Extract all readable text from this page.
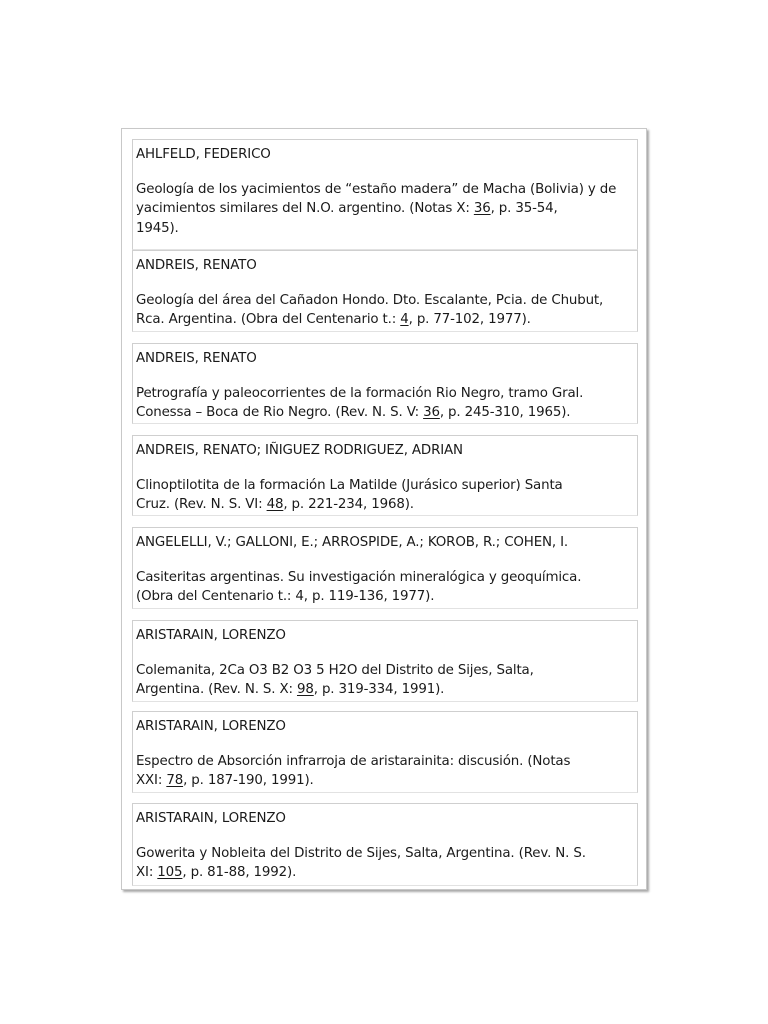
AHLFELD, FEDERICO
Geología de los yacimientos de “estaño madera” de Macha (Bolivia) y de
yacimientos similares del N.O. argentino. (Notas X: 36, p. 35-54,
1945).
ANDREIS, RENATO
Geología del área del Cañadon Hondo. Dto. Escalante, Pcia. de Chubut,
Rca. Argentina. (Obra del Centenario t.: 4, p. 77-102, 1977).
ANDREIS, RENATO
Petrografía y paleocorrientes de la formación Rio Negro, tramo Gral.
Conessa – Boca de Rio Negro. (Rev. N. S. V: 36, p. 245-310, 1965).
ANDREIS, RENATO; IÑIGUEZ RODRIGUEZ, ADRIAN
Clinoptilotita de la formación La Matilde (Jurásico superior) Santa
Cruz. (Rev. N. S. VI: 48, p. 221-234, 1968).
ANGELELLI, V.; GALLONI, E.; ARROSPIDE, A.; KOROB, R.; COHEN, I.
Casiteritas argentinas. Su investigación mineralógica y geoquímica.
(Obra del Centenario t.: 4, p. 119-136, 1977).
ARISTARAIN, LORENZO
Colemanita, 2Ca O3 B2 O3 5 H2O del Distrito de Sijes, Salta,
Argentina. (Rev. N. S. X: 98, p. 319-334, 1991).
ARISTARAIN, LORENZO
Espectro de Absorción infrarroja de aristarainita: discusión. (Notas
XXI: 78, p. 187-190, 1991).
ARISTARAIN, LORENZO
Gowerita y Nobleita del Distrito de Sijes, Salta, Argentina. (Rev. N. S.
XI: 105, p. 81-88, 1992).
